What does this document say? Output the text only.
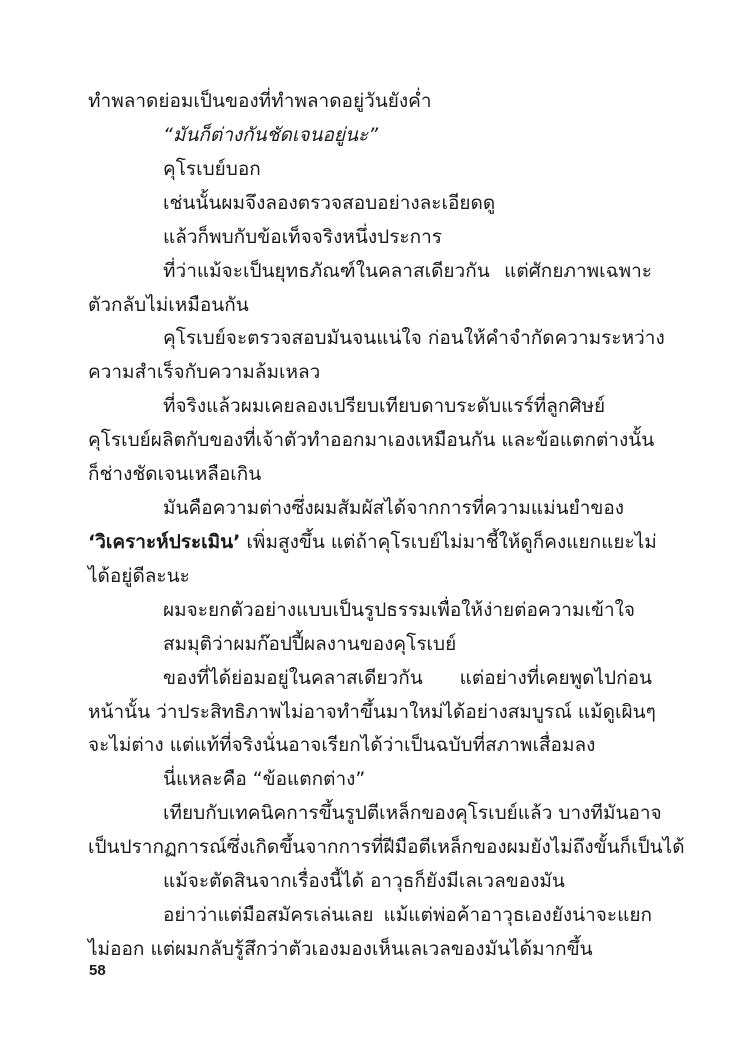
ทำพลาดย่อมเป็นของที่ทำพลาดอยู่วันยังค่ำ
“มันก็ต่างกันชัดเจนอยู่นะ”
คุโรเบย์บอก
เช่นนั้นผมจึงลองตรวจสอบอย่างละเอียดดู
แล้วก็พบกับข้อเท็จจริงหนึ่งประการ
ที่ว่าแม้จะเป็นยุทธภัณฑ์ในคลาสเดียวกัน แต่ศักยภาพเฉพาะ
ตัวกลับไม่เหมือนกัน
คุโรเบย์จะตรวจสอบมันจนแน่ใจ ก่อนให้คำจำกัดความระหว่าง
ความสำเร็จกับความล้มเหลว
ที่จริงแล้วผมเคยลองเปรียบเทียบดาบระดับแรร์ที่ลูกศิษย์
คุโรเบย์ผลิตกับของที่เจ้าตัวทำออกมาเองเหมือนกัน และข้อแตกต่างนั้น
ก็ช่างชัดเจนเหลือเกิน
มันคือความต่างซึ่งผมสัมผัสได้จากการที่ความแม่นยำของ
‘วิเคราะห์ประเมิน’ เพิ่มสูงขึ้น แต่ถ้าคุโรเบย์ไม่มาชี้ให้ดูก็คงแยกแยะไม่
ได้อยู่ดีละนะ
ผมจะยกตัวอย่างแบบเป็นรูปธรรมเพื่อให้ง่ายต่อความเข้าใจ
สมมุติว่าผมก๊อปปี้ผลงานของคุโรเบย์
ของที่ได้ย่อมอยู่ในคลาสเดียวกัน แต่อย่างที่เคยพูดไปก่อน
หน้านั้น ว่าประสิทธิภาพไม่อาจทำขึ้นมาใหม่ได้อย่างสมบูรณ์ แม้ดูเผินๆ
จะไม่ต่าง แต่แท้ที่จริงนั่นอาจเรียกได้ว่าเป็นฉบับที่สภาพเสื่อมลง
นี่แหละคือ “ข้อแตกต่าง”
เทียบกับเทคนิคการขึ้นรูปตีเหล็กของคุโรเบย์แล้ว บางทีมันอาจ
เป็นปรากฏการณ์ซึ่งเกิดขึ้นจากการที่ฝีมือตีเหล็กของผมยังไม่ถึงขั้นก็เป็นได้
แม้จะตัดสินจากเรื่องนี้ได้ อาวุธก็ยังมีเลเวลของมัน
อย่าว่าแต่มือสมัครเล่นเลย แม้แต่พ่อค้าอาวุธเองยังน่าจะแยก
ไม่ออก แต่ผมกลับรู้สึกว่าตัวเองมองเห็นเลเวลของมันได้มากขึ้น
58
